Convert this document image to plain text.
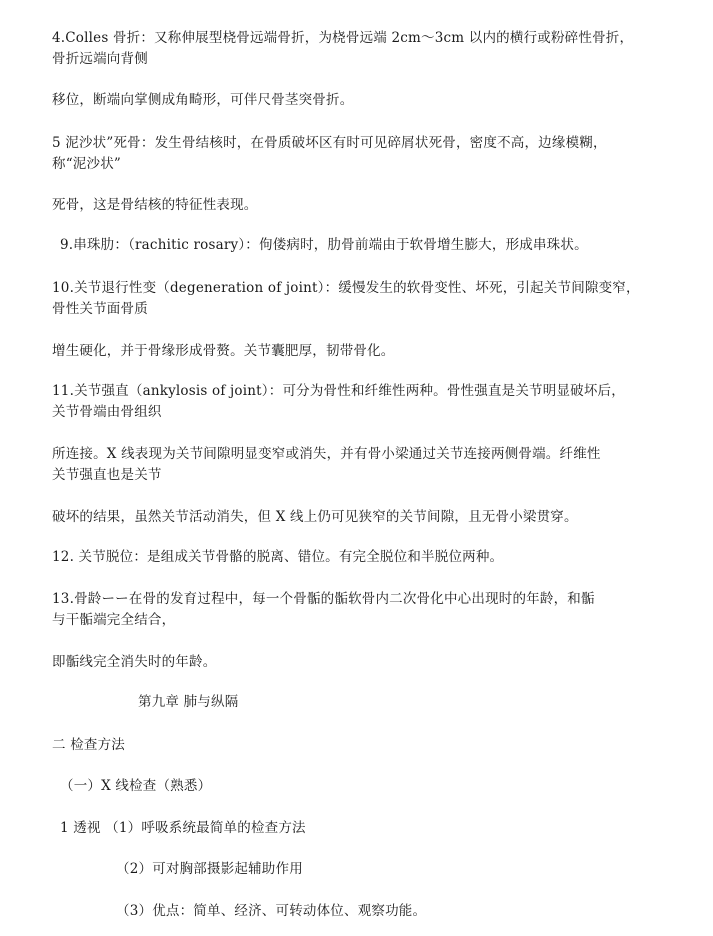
4.Colles 骨折：又称伸展型桡骨远端骨折，为桡骨远端 2cm～3cm 以内的横行或粉碎性骨折，
骨折远端向背侧
移位，断端向掌侧成角畸形，可伴尺骨茎突骨折。
5 泥沙状”死骨：发生骨结核时，在骨质破坏区有时可见碎屑状死骨，密度不高，边缘模糊，
称“泥沙状”
死骨，这是骨结核的特征性表现。
9.串珠肋：（rachitic rosary）：佝偻病时，肋骨前端由于软骨增生膨大，形成串珠状。
10.关节退行性变（degeneration of joint）：缓慢发生的软骨变性、坏死，引起关节间隙变窄，
骨性关节面骨质
增生硬化，并于骨缘形成骨赘。关节囊肥厚，韧带骨化。
11.关节强直（ankylosis of joint）：可分为骨性和纤维性两种。骨性强直是关节明显破坏后，
关节骨端由骨组织
所连接。X 线表现为关节间隙明显变窄或消失，并有骨小梁通过关节连接两侧骨端。纤维性
关节强直也是关节
破坏的结果，虽然关节活动消失，但 X 线上仍可见狭窄的关节间隙，且无骨小梁贯穿。
12. 关节脱位：是组成关节骨骼的脱离、错位。有完全脱位和半脱位两种。
13.骨龄ーー在骨的发育过程中，每一个骨骺的骺软骨内二次骨化中心出现时的年龄，和骺
与干骺端完全结合，
即骺线完全消失时的年龄。
第九章 肺与纵隔
二 检查方法
（一）X 线检查（熟悉）
1 透视 （1）呼吸系统最简单的检查方法
（2）可对胸部摄影起辅助作用
（3）优点：简单、经济、可转动体位、观察功能。
